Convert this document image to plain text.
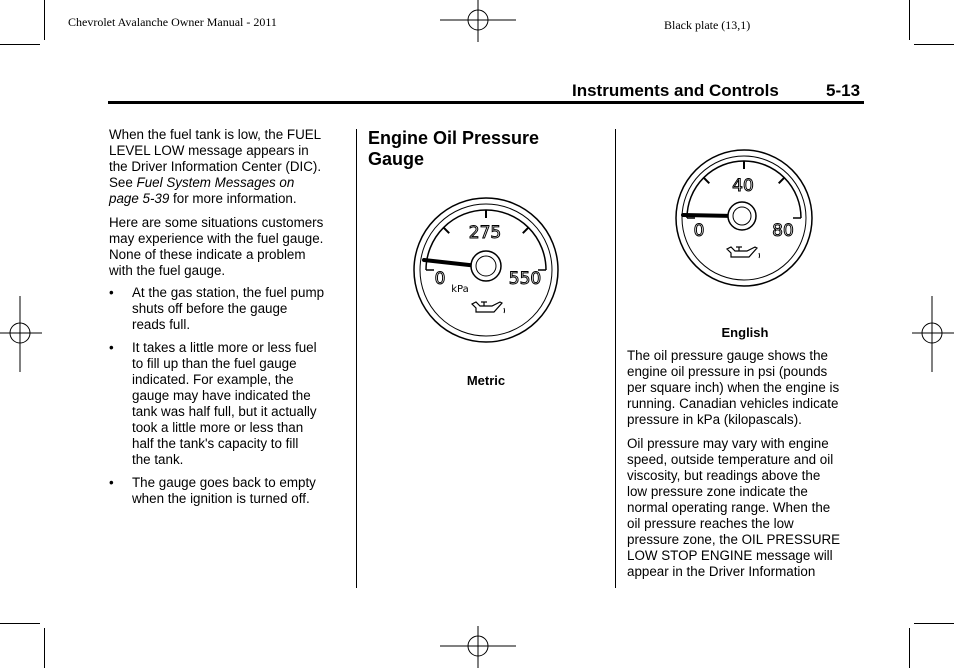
Chevrolet Avalanche Owner Manual - 2011	Black plate (13,1)
Instruments and Controls	5-13

When the fuel tank is low, the FUEL

LEVEL LOW message appears in

the Driver Information Center (DIC).

See Fuel System Messages on

page 5-39 for more information.

Here are some situations customers

may experience with the fuel gauge.

None of these indicate a problem

with the fuel gauge.

• At the gas station, the fuel pump
shuts off before the gauge
reads full.
• It takes a little more or less fuel
to fill up than the fuel gauge
indicated. For example, the
gauge may have indicated the
tank was half full, but it actually
took a little more or less than
half the tank's capacity to fill
the tank.
• The gauge goes back to empty
when the ignition is turned off.
Engine Oil Pressure
Gauge
275
0	550
kPa
Metric
40
0	80
English

The oil pressure gauge shows the

engine oil pressure in psi (pounds

per square inch) when the engine is

running. Canadian vehicles indicate

pressure in kPa (kilopascals).

Oil pressure may vary with engine

speed, outside temperature and oil

viscosity, but readings above the

low pressure zone indicate the

normal operating range. When the

oil pressure reaches the low

pressure zone, the OIL PRESSURE

LOW STOP ENGINE message will

appear in the Driver Information
